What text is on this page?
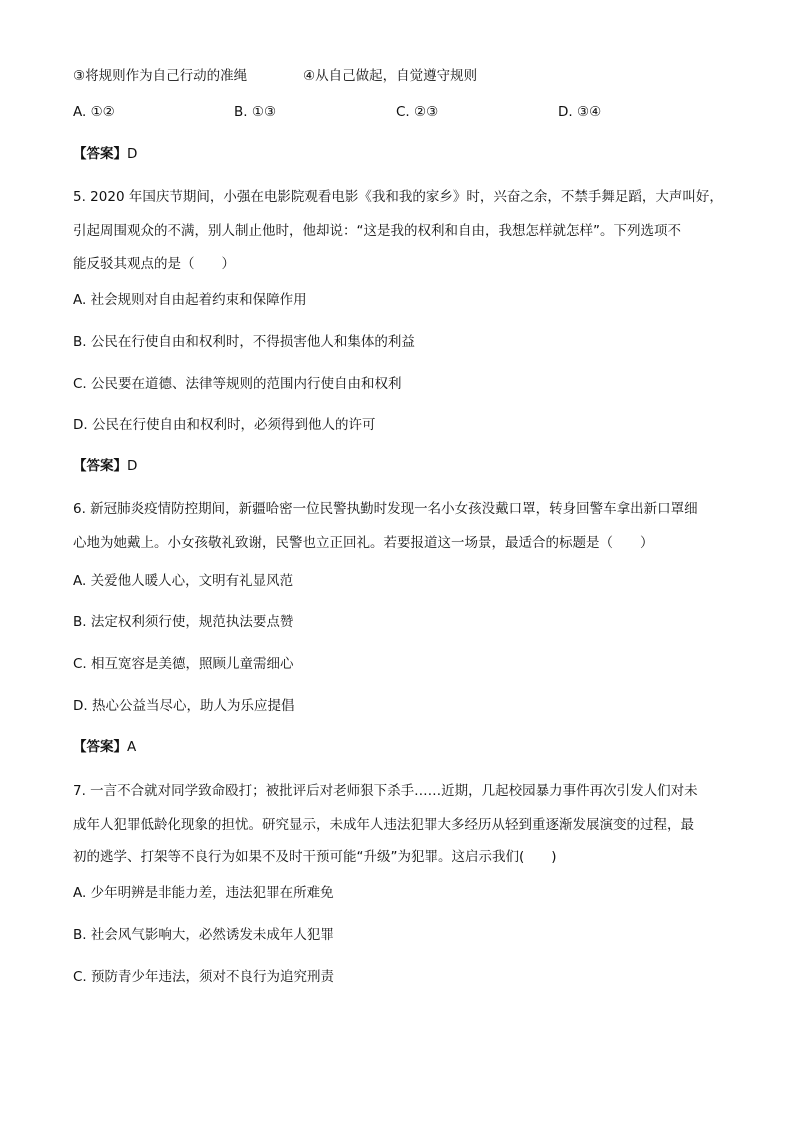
③将规则作为自己行动的准绳	④从自己做起，自觉遵守规则
A. ①②	B. ①③	C. ②③	D. ③④
【答案】D
5. 2020 年国庆节期间，小强在电影院观看电影《我和我的家乡》时，兴奋之余，不禁手舞足蹈，大声叫好，
引起周围观众的不满，别人制止他时，他却说：“这是我的权利和自由，我想怎样就怎样”。下列选项不
能反驳其观点的是（　　）
A. 社会规则对自由起着约束和保障作用
B. 公民在行使自由和权利时，不得损害他人和集体的利益
C. 公民要在道德、法律等规则的范围内行使自由和权利
D. 公民在行使自由和权利时，必须得到他人的许可
【答案】D
6. 新冠肺炎疫情防控期间，新疆哈密一位民警执勤时发现一名小女孩没戴口罩，转身回警车拿出新口罩细
心地为她戴上。小女孩敬礼致谢，民警也立正回礼。若要报道这一场景，最适合的标题是（　　）
A. 关爱他人暖人心，文明有礼显风范
B. 法定权利须行使，规范执法要点赞
C. 相互宽容是美德，照顾儿童需细心
D. 热心公益当尽心，助人为乐应提倡
【答案】A
7. 一言不合就对同学致命殴打；被批评后对老师狠下杀手……近期，几起校园暴力事件再次引发人们对未
成年人犯罪低龄化现象的担忧。研究显示，未成年人违法犯罪大多经历从轻到重逐渐发展演变的过程，最
初的逃学、打架等不良行为如果不及时干预可能“升级”为犯罪。这启示我们(　　)
A. 少年明辨是非能力差，违法犯罪在所难免
B. 社会风气影响大，必然诱发未成年人犯罪
C. 预防青少年违法，须对不良行为追究刑责
